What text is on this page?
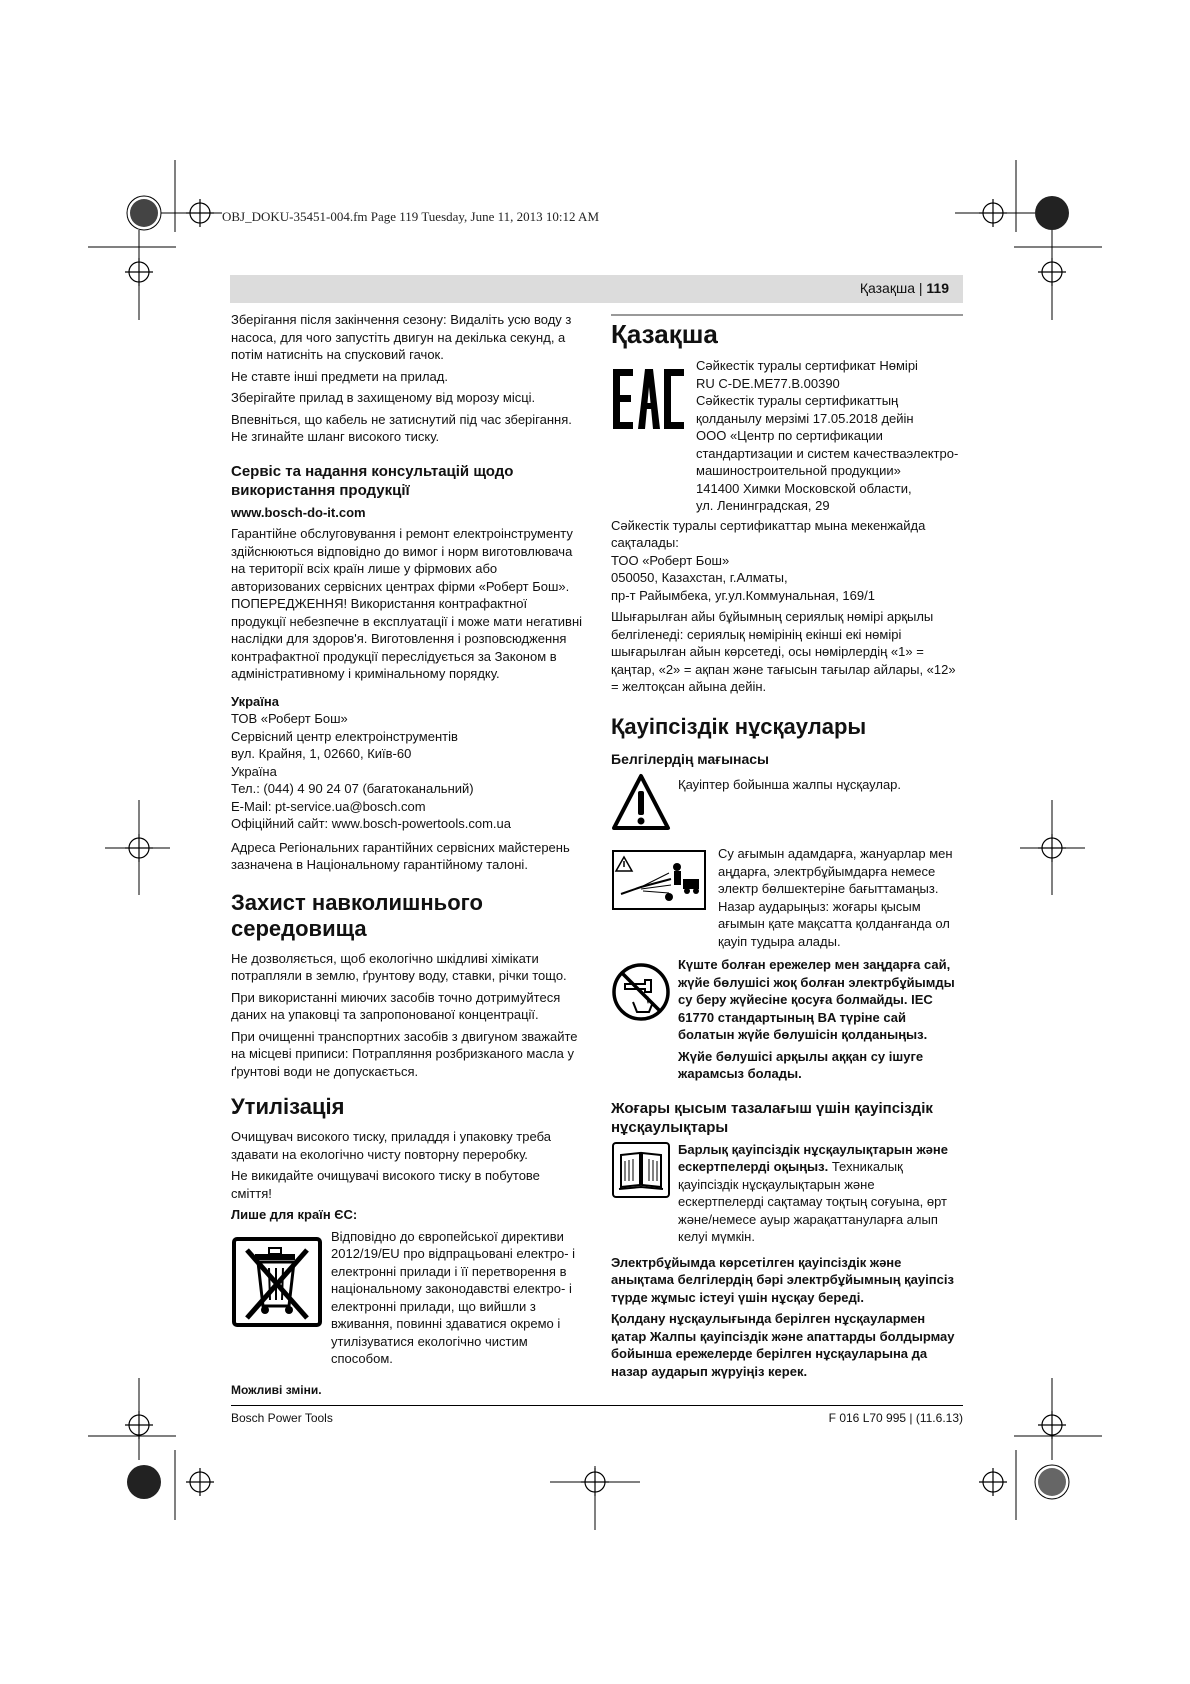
OBJ_DOKU-35451-004.fm Page 119 Tuesday, June 11, 2013 10:12 AM
Қазақша | 119

Зберігання після закінчення сезону: Видаліть усю воду з насоса, для чого запустіть двигун на декілька секунд, а потім натисніть на спусковий гачок.

Не ставте інші предмети на прилад.

Зберігайте прилад в захищеному від морозу місці.

Впевніться, що кабель не затиснутий під час зберігання. Не згинайте шланг високого тиску.

Сервіс та надання консультацій щодо використання продукції

www.bosch-do-it.com

Гарантійне обслуговування і ремонт електроінструменту здійснюються відповідно до вимог і норм виготовлювача на території всіх країн лише у фірмових або авторизованих сервісних центрах фірми «Роберт Бош». ПОПЕРЕДЖЕННЯ! Використання контрафактної продукції небезпечне в експлуатації і може мати негативні наслідки для здоров'я. Виготовлення і розповсюдження контрафактної продукції переслідується за Законом в адміністративному і кримінальному порядку.

Україна

ТОВ «Роберт Бош»

Сервісний центр електроінструментів

вул. Крайня, 1, 02660, Київ-60

Україна

Тел.: (044) 4 90 24 07 (багатоканальний)

E-Mail: pt-service.ua@bosch.com

Офіційний сайт: www.bosch-powertools.com.ua

Адреса Регіональних гарантійних сервісних майстерень зазначена в Національному гарантійному талоні.

Захист навколишнього середовища

Не дозволяється, щоб екологічно шкідливі хімікати потрапляли в землю, ґрунтову воду, ставки, річки тощо.

При використанні миючих засобів точно дотримуйтеся даних на упаковці та запропонованої концентрації.

При очищенні транспортних засобів з двигуном зважайте на місцеві приписи: Потрапляння розбризканого масла у ґрунтові води не допускається.

Утилізація

Очищувач високого тиску, приладдя і упаковку треба здавати на екологічно чисту повторну переробку.

Не викидайте очищувачі високого тиску в побутове сміття!

Лише для країн ЄС:

Відповідно до європейської директиви 2012/19/EU про відпрацьовані електро- і електронні прилади і її перетворення в національному законодавстві електро- і електронні прилади, що вийшли з вживання, повинні здаватися окремо і утилізуватися екологічно чистим способом.

Можливі зміни.

Қазақша

Сәйкестік туралы сертификат Нөмірі

RU C-DE.ME77.B.00390

Сәйкестік туралы сертификаттың

қолданылу мерзімі 17.05.2018 дейін

ООО «Центр по сертификации

стандартизации и систем качестваэлектро-

машиностроительной продукции»

141400 Химки Московской области,

ул. Ленинградская, 29

Сәйкестік туралы сертификаттар мына мекенжайда сақталады:

ТОО «Роберт Бош»

050050, Казахстан, г.Алматы,

пр-т Райымбека, уг.ул.Коммунальная, 169/1

Шығарылған айы бұйымның сериялық нөмірі арқылы белгіленеді: сериялық нөмірінің екінші екі нөмірі шығарылған айын көрсетеді, осы нөмірлердің «1» = қаңтар, «2» = ақпан және тағысын тағылар айлары, «12» = желтоқсан айына дейін.

Қауіпсіздік нұсқаулары
Белгілердің мағынасы

Қауіптер бойынша жалпы нұсқаулар.

Су ағымын адамдарға, жануарлар мен аңдарға, электрбұйымдарға немесе электр бөлшектеріне бағыттамаңыз. Назар аударыңыз: жоғары қысым ағымын қате мақсатта қолданғанда ол қауіп тудыра алады.

Күште болған ережелер мен заңдарға сай, жүйе бөлушісі жоқ болған электрбұйымды су беру жүйесіне қосуға болмайды. IEC 61770 стандартының BA түріне сай болатын жүйе бөлушісін қолданыңыз.

Жүйе бөлушісі арқылы аққан су ішуге жарамсыз болады.

Жоғары қысым тазалағыш үшін қауіпсіздік нұсқаулықтары

Барлық қауіпсіздік нұсқаулықтарын және ескертпелерді оқыңыз. Техникалық қауіпсіздік нұсқаулықтарын және ескертпелерді сақтамау тоқтың соғуына, өрт және/немесе ауыр жарақаттануларға алып келуі мүмкін.

Электрбұйымда көрсетілген қауіпсіздік және анықтама белгілердің бәрі электрбұйымның қауіпсіз түрде жұмыс істеуі үшін нұсқау береді.

Қолдану нұсқаулығында берілген нұсқаулармен қатар Жалпы қауіпсіздік және апаттарды болдырмау бойынша ережелерде берілген нұсқауларына да назар аударып жүруіңіз керек.

Bosch Power Tools	F 016 L70 995 | (11.6.13)
